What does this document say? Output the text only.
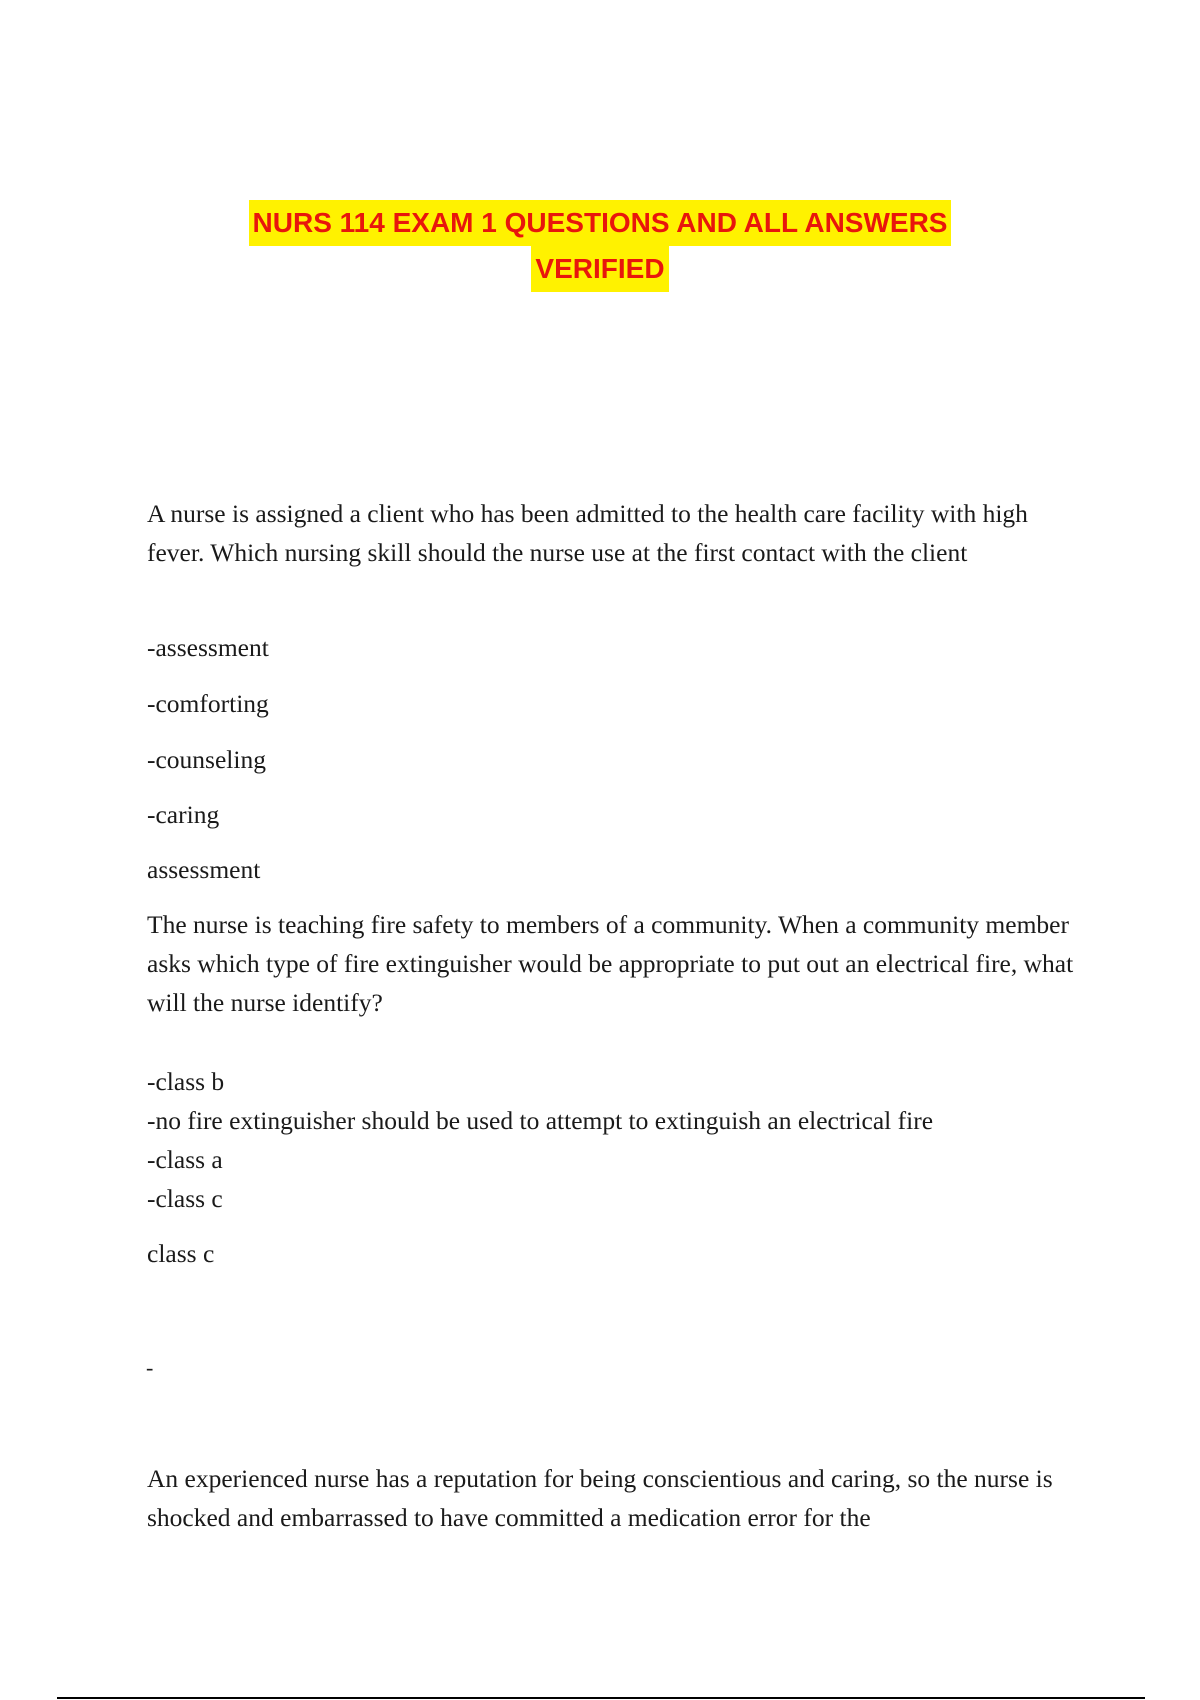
NURS 114 EXAM 1 QUESTIONS AND ALL ANSWERS
VERIFIED

A nurse is assigned a client who has been admitted to the health care facility with high fever. Which nursing skill should the nurse use at the first contact with the client

-assessment

-comforting

-counseling

-caring

assessment

The nurse is teaching fire safety to members of a community. When a community member asks which type of fire extinguisher would be appropriate to put out an electrical fire, what will the nurse identify?

-class b

-no fire extinguisher should be used to attempt to extinguish an electrical fire

-class a

-class c

class c

-

An experienced nurse has a reputation for being conscientious and caring, so the nurse is shocked and embarrassed to have committed a medication error for the
